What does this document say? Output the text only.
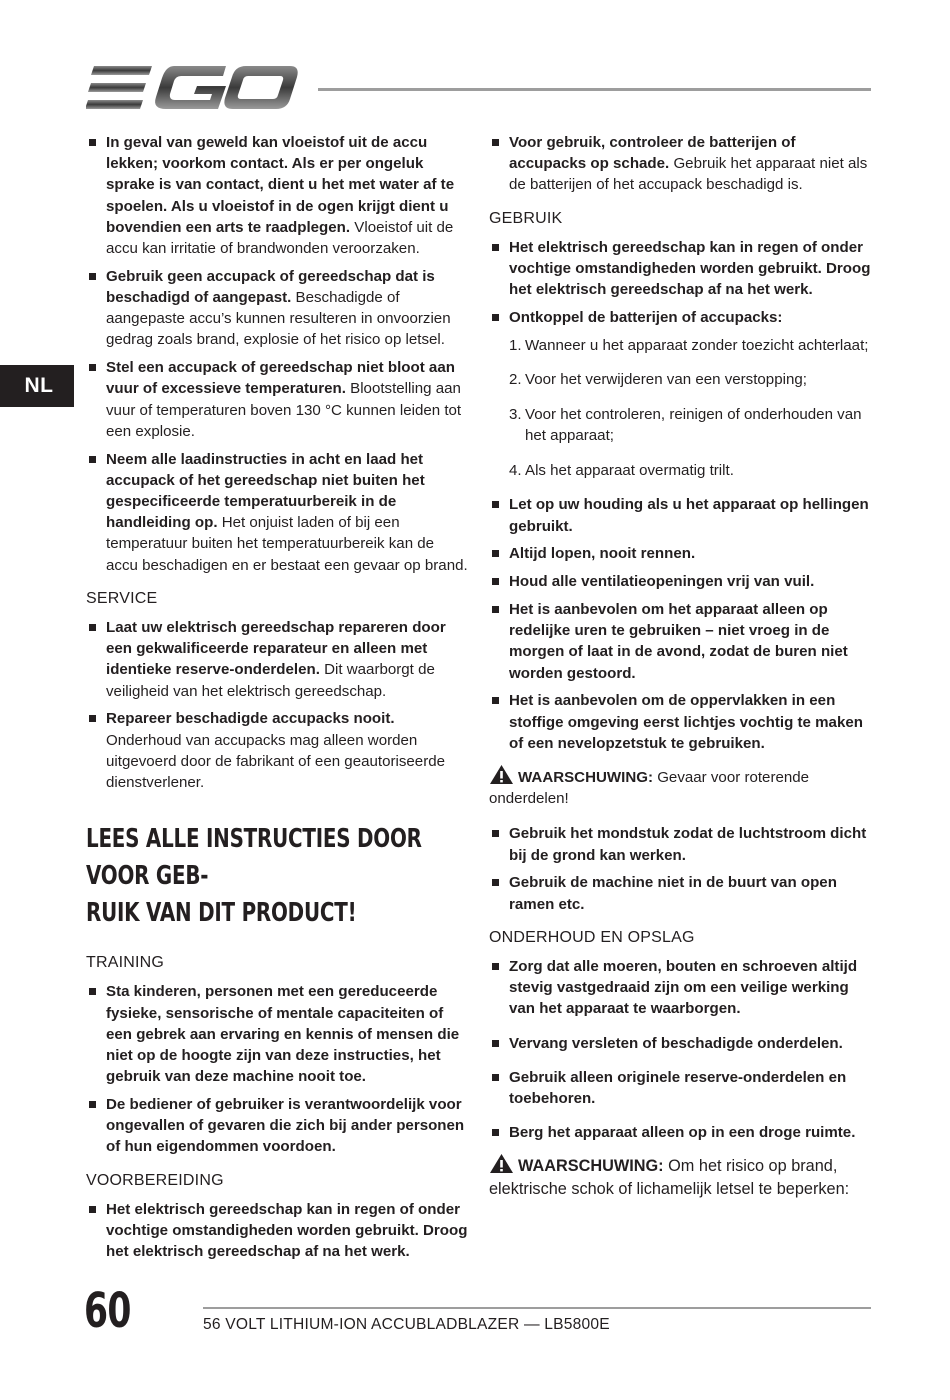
NL
In geval van geweld kan vloeistof uit de accu lekken; voorkom contact. Als er per ongeluk sprake is van contact, dient u het met water af te spoelen. Als u vloeistof in de ogen krijgt dient u bovendien een arts te raadplegen. Vloeistof uit de accu kan irritatie of brandwonden veroorzaken.
Gebruik geen accupack of gereedschap dat is beschadigd of aangepast. Beschadigde of aangepaste accu’s kunnen resulteren in onvoorzien gedrag zoals brand, explosie of het risico op letsel.
Stel een accupack of gereedschap niet bloot aan vuur of excessieve temperaturen. Blootstelling aan vuur of temperaturen boven 130 °C kunnen leiden tot een explosie.
Neem alle laadinstructies in acht en laad het accupack of het gereedschap niet buiten het gespecificeerde temperatuurbereik in de handleiding op. Het onjuist laden of bij een temperatuur buiten het temperatuurbereik kan de accu beschadigen en er bestaat een gevaar op brand.
SERVICE
Laat uw elektrisch gereedschap repareren door een gekwalificeerde reparateur en alleen met identieke reserve-onderdelen. Dit waarborgt de veiligheid van het elektrisch gereedschap.
Repareer beschadigde accupacks nooit. Onderhoud van accupacks mag alleen worden uitgevoerd door de fabrikant of een geautoriseerde dienstverlener.
LEES ALLE INSTRUCTIES DOOR VOOR GEB-
RUIK VAN DIT PRODUCT!
TRAINING
Sta kinderen, personen met een gereduceerde fysieke, sensorische of mentale capaciteiten of een gebrek aan ervaring en kennis of mensen die niet op de hoogte zijn van deze instructies, het gebruik van deze machine nooit toe.
De bediener of gebruiker is verantwoordelijk voor ongevallen of gevaren die zich bij ander personen of hun eigendommen voordoen.
VOORBEREIDING
Het elektrisch gereedschap kan in regen of onder vochtige omstandigheden worden gebruikt. Droog het elektrisch gereedschap af na het werk.
Voor gebruik, controleer de batterijen of accupacks op schade. Gebruik het apparaat niet als de batterijen of het accupack beschadigd is.
GEBRUIK
Het elektrisch gereedschap kan in regen of onder vochtige omstandigheden worden gebruikt. Droog het elektrisch gereedschap af na het werk.
Ontkoppel de batterijen of accupacks:
1. Wanneer u het apparaat zonder toezicht achterlaat;
2. Voor het verwijderen van een verstopping;
3. Voor het controleren, reinigen of onderhouden van het apparaat;
4. Als het apparaat overmatig trilt.
Let op uw houding als u het apparaat op hellingen gebruikt.
Altijd lopen, nooit rennen.
Houd alle ventilatieopeningen vrij van vuil.
Het is aanbevolen om het apparaat alleen op redelijke uren te gebruiken – niet vroeg in de morgen of laat in de avond, zodat de buren niet worden gestoord.
Het is aanbevolen om de oppervlakken in een stoffige omgeving eerst lichtjes vochtig te maken of een nevelopzetstuk te gebruiken.
WAARSCHUWING: Gevaar voor roterende onderdelen!
Gebruik het mondstuk zodat de luchtstroom dicht bij de grond kan werken.
Gebruik de machine niet in de buurt van open ramen etc.
ONDERHOUD EN OPSLAG
Zorg dat alle moeren, bouten en schroeven altijd stevig vastgedraaid zijn om een veilige werking van het apparaat te waarborgen.
Vervang versleten of beschadigde onderdelen.
Gebruik alleen originele reserve-onderdelen en toebehoren.
Berg het apparaat alleen op in een droge ruimte.
WAARSCHUWING: Om het risico op brand, elektrische schok of lichamelijk letsel te beperken:
60	56 VOLT LITHIUM-ION ACCUBLADBLAZER — LB5800E
